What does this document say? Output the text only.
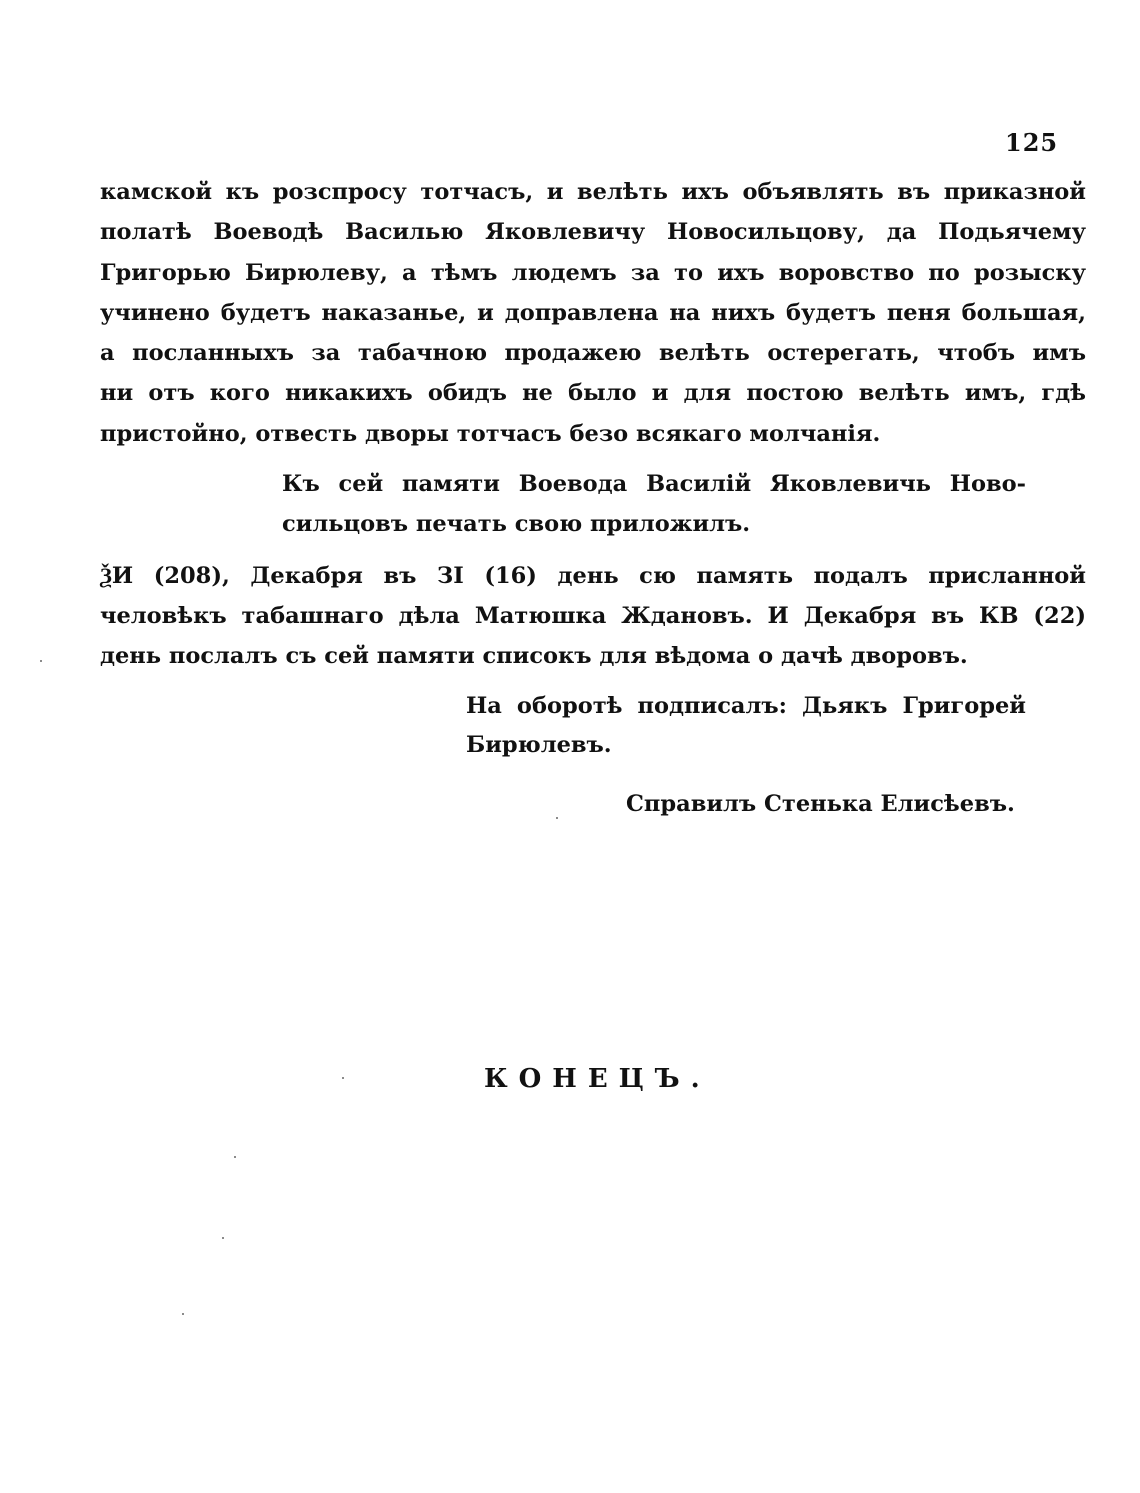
125
камской къ розспросу тотчасъ, и велѣть ихъ объявлять въ приказной
полатѣ Воеводѣ Василью Яковлевичу Новосильцову, да Подьячему
Григорью Бирюлеву, а тѣмъ людемъ за то ихъ воровство по розыску
учинено будетъ наказанье, и доправлена на нихъ будетъ пеня большая,
а посланныхъ за табачною продажею велѣть остерегать, чтобъ имъ
ни отъ кого никакихъ обидъ не было и для постою велѣть имъ, гдѣ
пристойно, отвесть дворы тотчасъ безо всякаго молчанія.
Къ сей памяти Воевода Василій Яковлевичь Ново-
сильцовъ печать свою приложилъ.
ѮИ (208), Декабря въ ЗІ (16) день сю память подалъ присланной
человѣкъ табашнаго дѣла Матюшка Ждановъ. И Декабря въ КВ (22)
день послалъ съ сей памяти списокъ для вѣдома о дачѣ дворовъ.
На оборотѣ подписалъ: Дьякъ Григорей
Бирюлевъ.
Справилъ Стенька Елисѣевъ.
КОНЕЦЪ.
